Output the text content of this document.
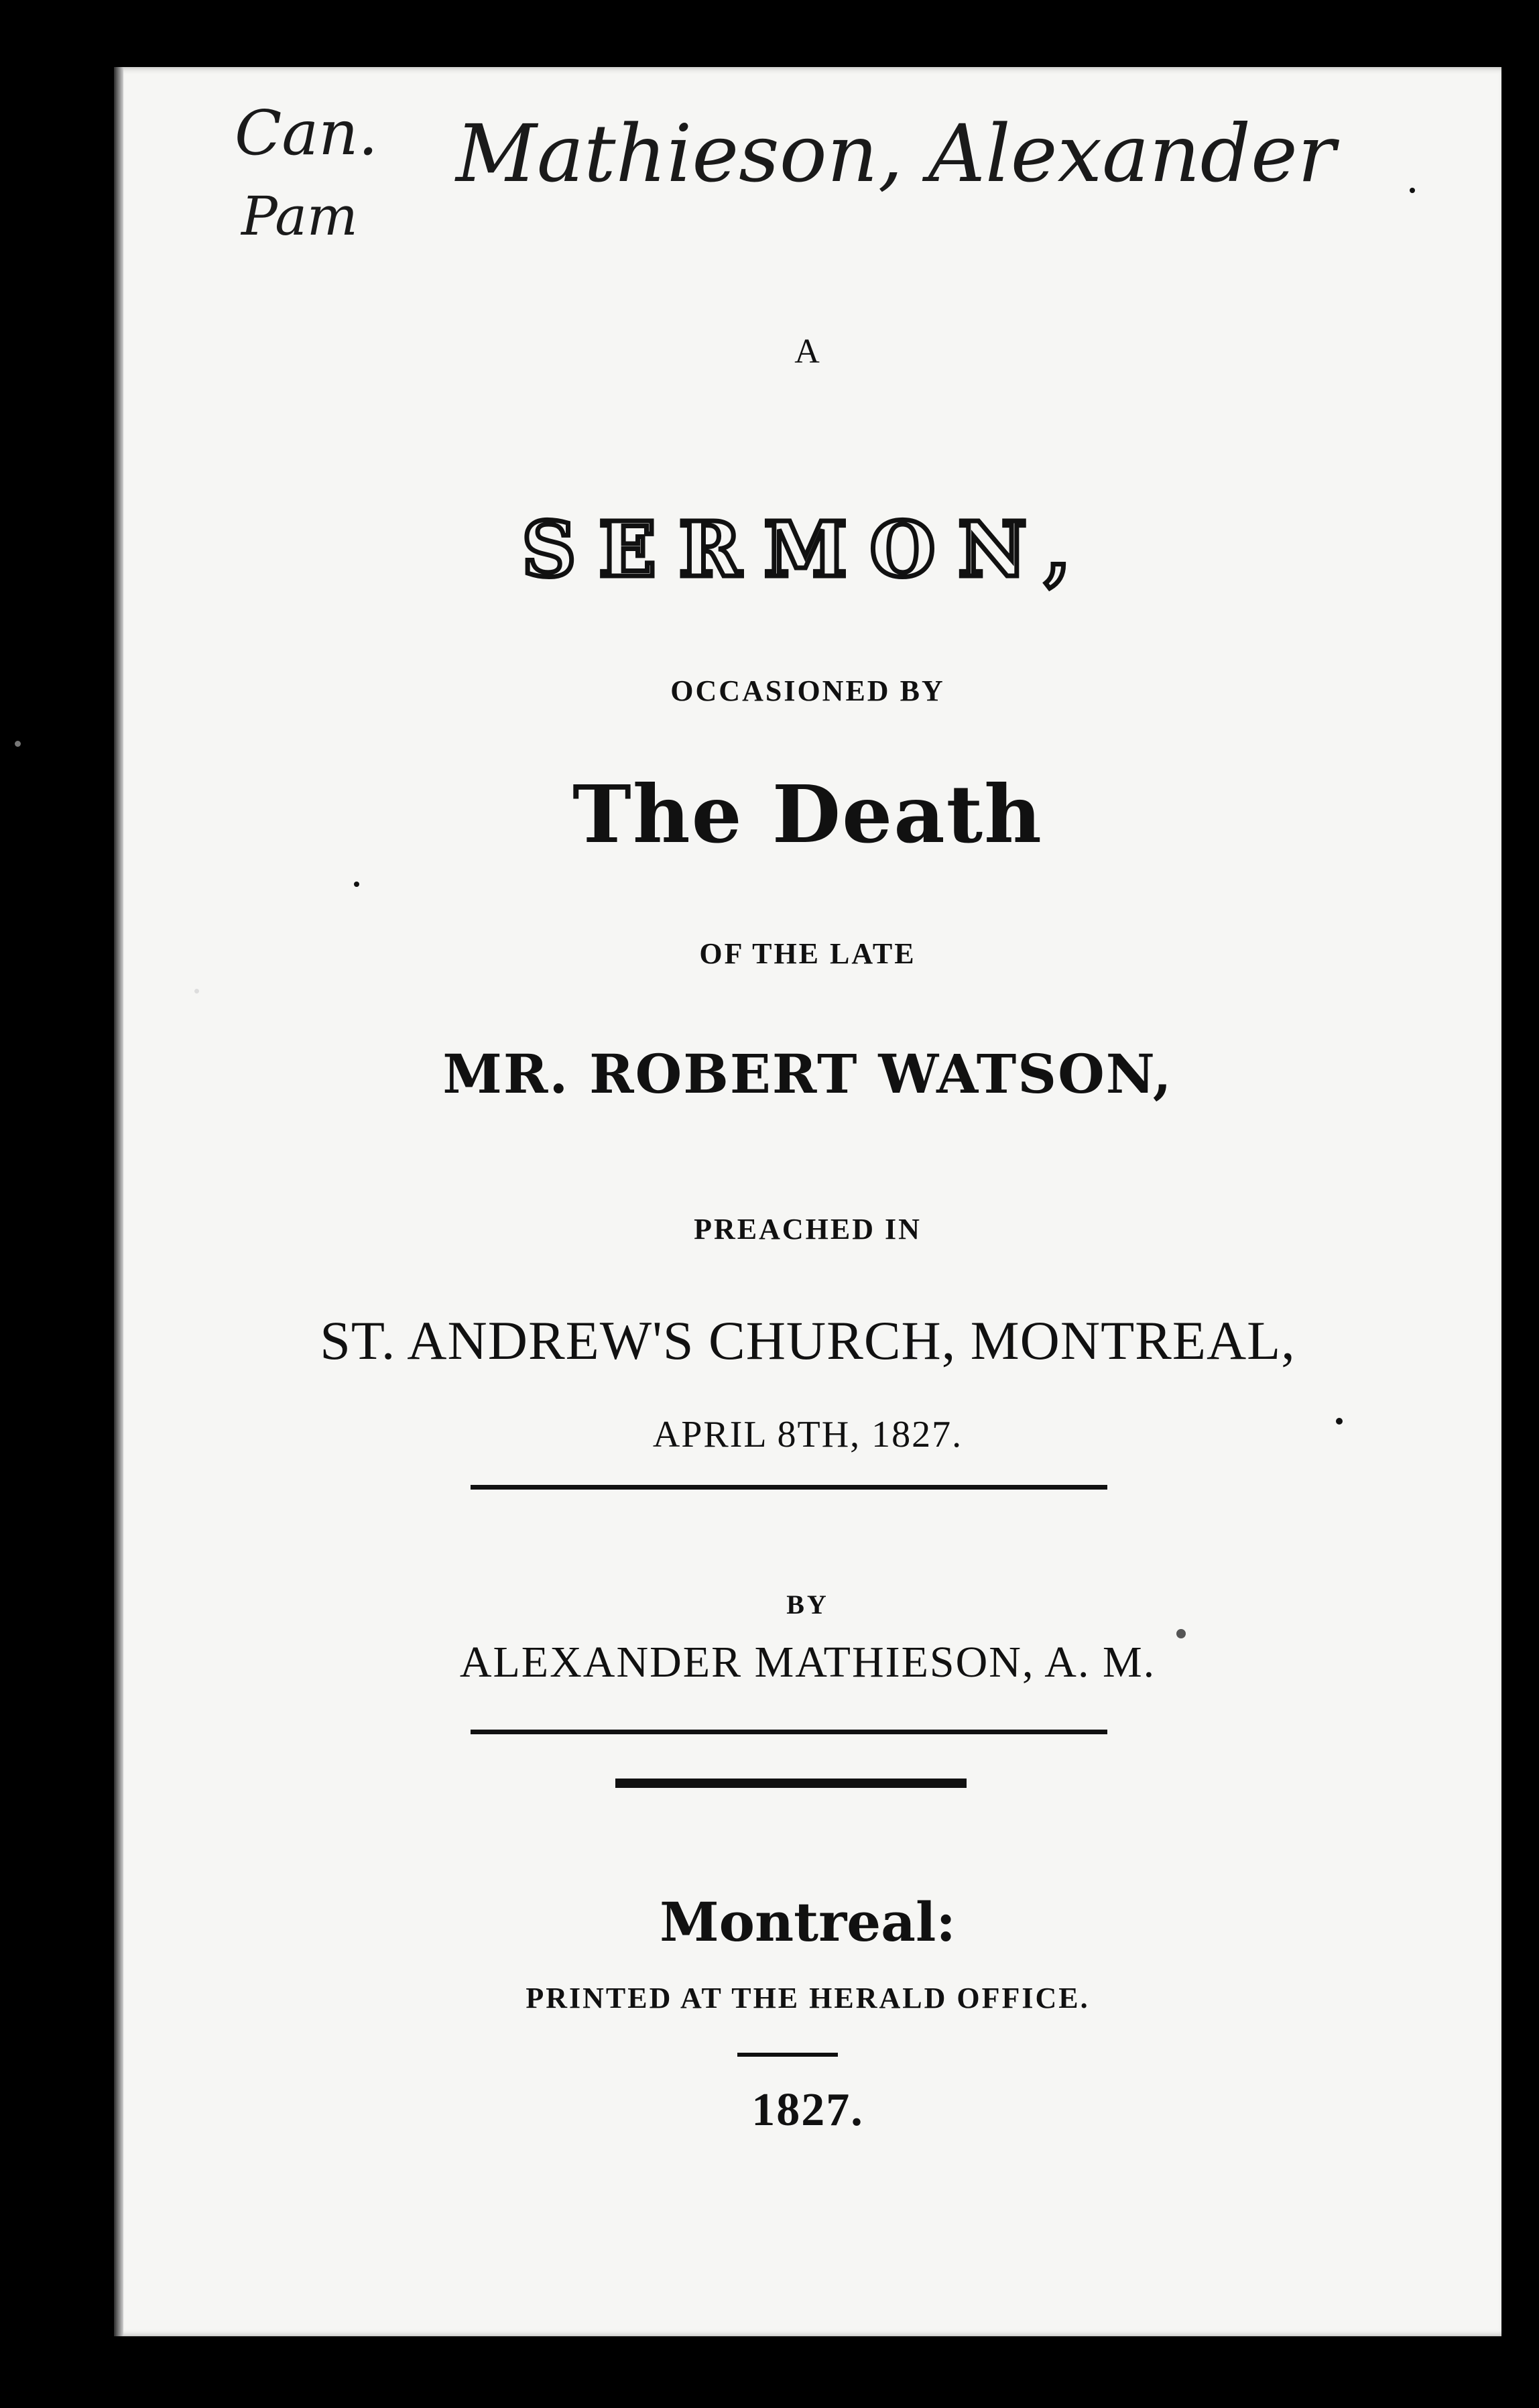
Can.
Pam
Mathieson, Alexander
A
SERMON,
OCCASIONED BY
The Death
OF THE LATE
MR. ROBERT WATSON,
PREACHED IN
ST. ANDREW'S CHURCH, MONTREAL,
APRIL 8TH, 1827.
BY
ALEXANDER MATHIESON, A. M.
Montreal:
PRINTED AT THE HERALD OFFICE.
1827.
